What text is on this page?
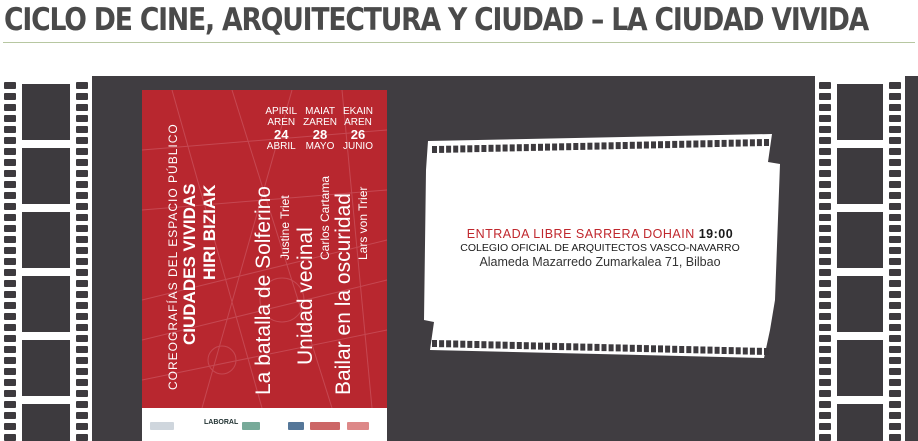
CICLO DE CINE, ARQUITECTURA Y CIUDAD – LA CIUDAD VIVIDA
APIRIL
AREN
24
ABRIL
MAIAT
ZAREN
28
MAYO
EKAIN
AREN
26
JUNIO
COREOGRAFÍAS DEL ESPACIO PÚBLICO CIUDADES VIVIDAS HIRI BIZIAK La batalla de Solferino Justine Triet Unidad vecinal
Carlos Cartama Bailar en la oscuridad Lars von Trier
LABORAL
ENTRADA LIBRE SARRERA DOHAIN 19:00
COLEGIO OFICIAL DE ARQUITECTOS VASCO-NAVARRO
Alameda Mazarredo Zumarkalea 71, Bilbao
